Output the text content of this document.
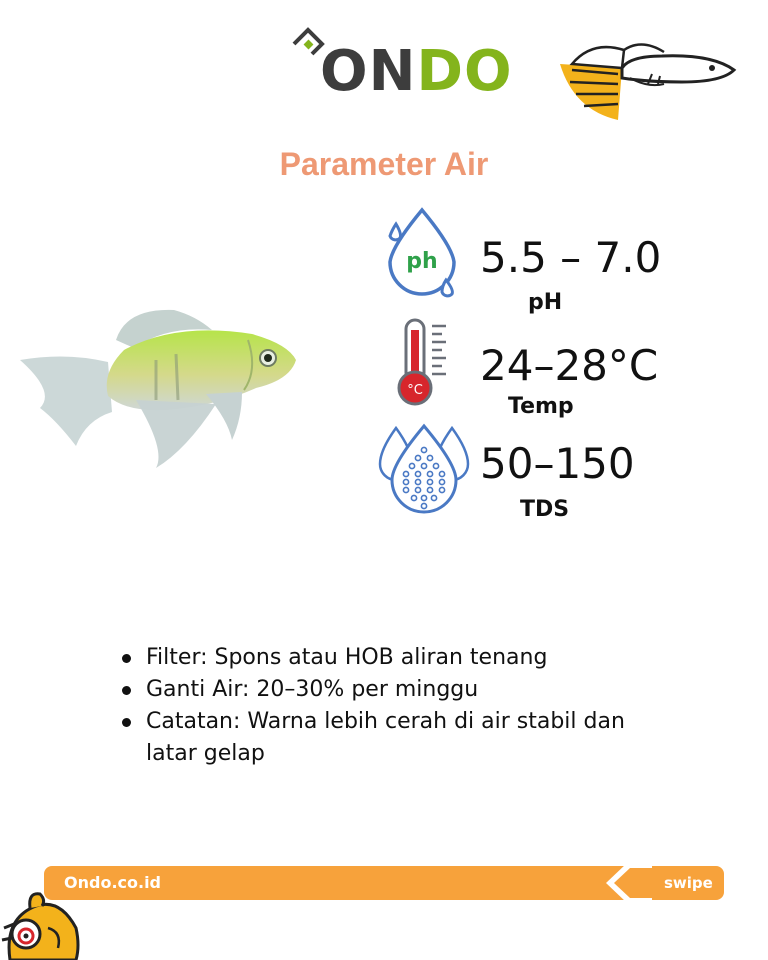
ONDO
Parameter Air
ph 5.5 – 7.0
pH
°C
24–28°C
Temp
50–150
TDS
Filter: Spons atau HOB aliran tenang
Ganti Air: 20–30% per minggu
Catatan: Warna lebih cerah di air stabil dan latar gelap
Ondo.co.id	swipe
